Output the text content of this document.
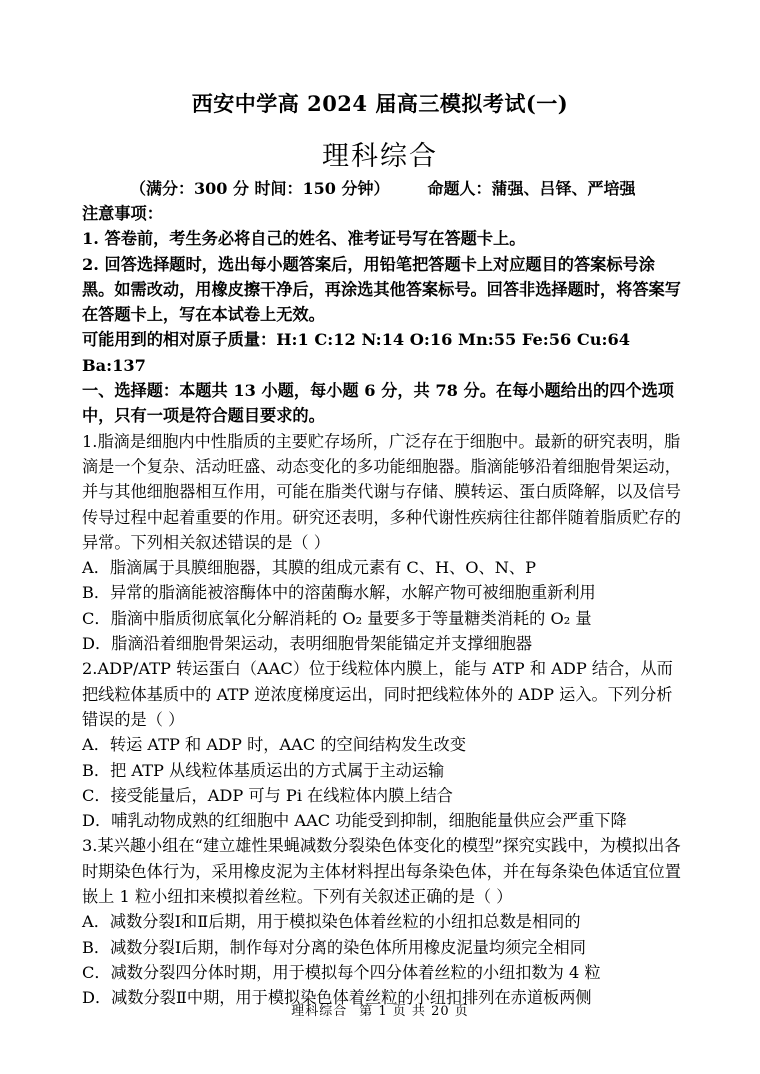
西安中学高 2024 届高三模拟考试(一)
理科综合
（满分：300 分 时间：150 分钟） 命题人：蒲强、吕铎、严培强

注意事项：

1. 答卷前，考生务必将自己的姓名、准考证号写在答题卡上。

2. 回答选择题时，选出每小题答案后，用铅笔把答题卡上对应题目的答案标号涂黑。如需改动，用橡皮擦干净后，再涂选其他答案标号。回答非选择题时，将答案写在答题卡上，写在本试卷上无效。

可能用到的相对原子质量：H:1 C:12 N:14 O:16 Mn:55 Fe:56 Cu:64 Ba:137

一、选择题：本题共 13 小题，每小题 6 分，共 78 分。在每小题给出的四个选项中，只有一项是符合题目要求的。

1.脂滴是细胞内中性脂质的主要贮存场所，广泛存在于细胞中。最新的研究表明，脂滴是一个复杂、活动旺盛、动态变化的多功能细胞器。脂滴能够沿着细胞骨架运动，并与其他细胞器相互作用，可能在脂类代谢与存储、膜转运、蛋白质降解，以及信号传导过程中起着重要的作用。研究还表明，多种代谢性疾病往往都伴随着脂质贮存的异常。下列相关叙述错误的是（ ）

A．脂滴属于具膜细胞器，其膜的组成元素有 C、H、O、N、P

B．异常的脂滴能被溶酶体中的溶菌酶水解，水解产物可被细胞重新利用

C．脂滴中脂质彻底氧化分解消耗的 O₂ 量要多于等量糖类消耗的 O₂ 量

D．脂滴沿着细胞骨架运动，表明细胞骨架能锚定并支撑细胞器

2.ADP/ATP 转运蛋白（AAC）位于线粒体内膜上，能与 ATP 和 ADP 结合，从而把线粒体基质中的 ATP 逆浓度梯度运出，同时把线粒体外的 ADP 运入。下列分析错误的是（ ）

A．转运 ATP 和 ADP 时，AAC 的空间结构发生改变

B．把 ATP 从线粒体基质运出的方式属于主动运输

C．接受能量后，ADP 可与 Pi 在线粒体内膜上结合

D．哺乳动物成熟的红细胞中 AAC 功能受到抑制，细胞能量供应会严重下降

3.某兴趣小组在“建立雄性果蝇减数分裂染色体变化的模型”探究实践中，为模拟出各时期染色体行为，采用橡皮泥为主体材料捏出每条染色体，并在每条染色体适宜位置嵌上 1 粒小纽扣来模拟着丝粒。下列有关叙述正确的是（ ）

A．减数分裂Ⅰ和Ⅱ后期，用于模拟染色体着丝粒的小纽扣总数是相同的

B．减数分裂Ⅰ后期，制作每对分离的染色体所用橡皮泥量均须完全相同

C．减数分裂四分体时期，用于模拟每个四分体着丝粒的小纽扣数为 4 粒

D．减数分裂Ⅱ中期，用于模拟染色体着丝粒的小纽扣排列在赤道板两侧

理科综合 第 1 页 共 20 页
